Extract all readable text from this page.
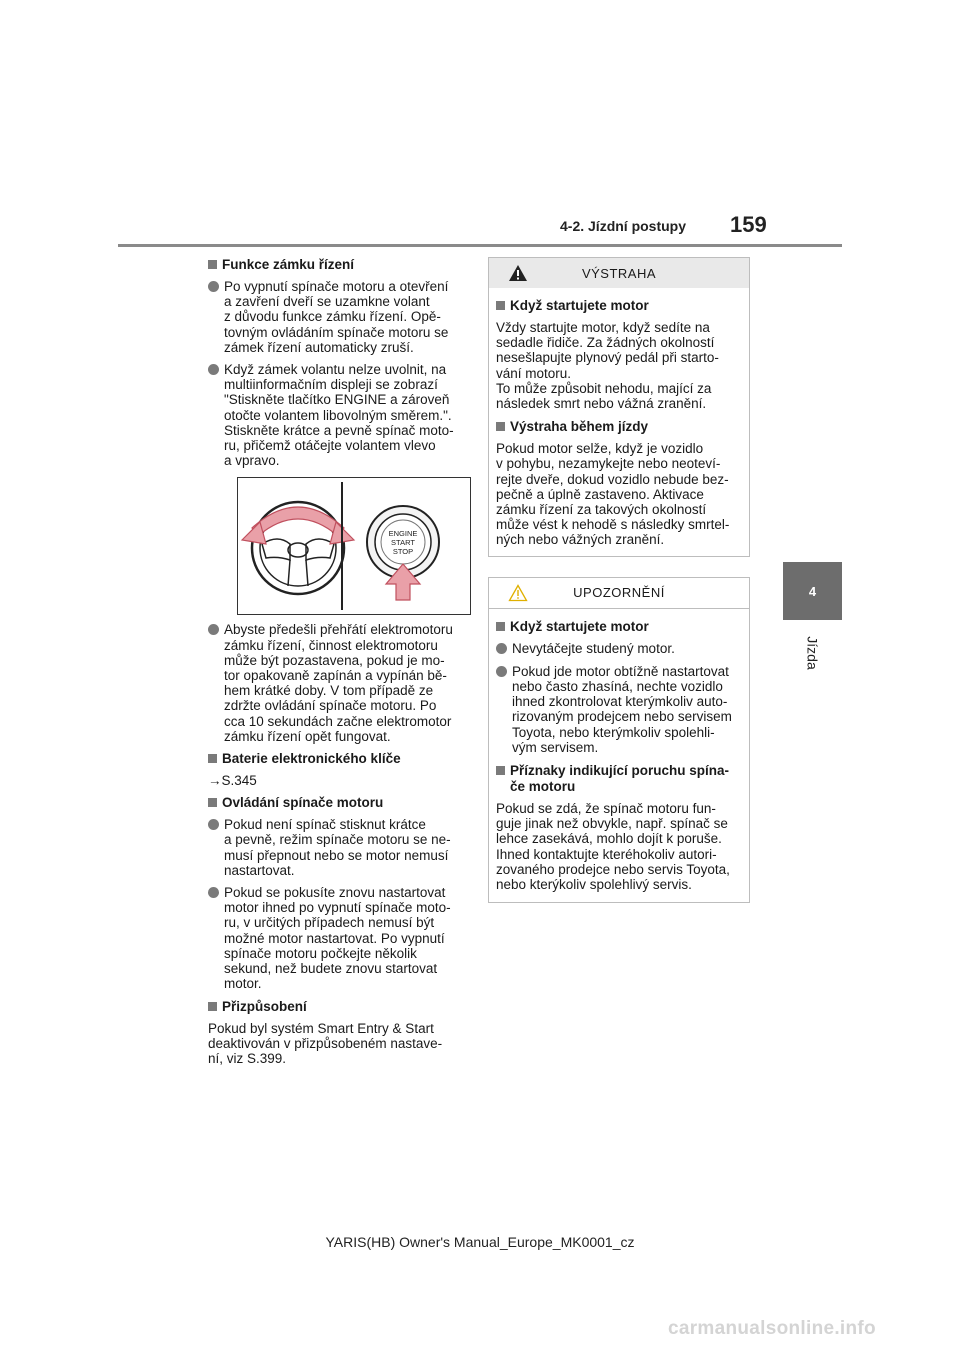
4-2. Jízdní postupy 159
4
Jízda
Funkce zámku řízení
Po vypnutí spínače motoru a otevření
a zavření dveří se uzamkne volant
z důvodu funkce zámku řízení. Opě-
tovným ovládáním spínače motoru se
zámek řízení automaticky zruší.
Když zámek volantu nelze uvolnit, na
multiinformačním displeji se zobrazí
"Stiskněte tlačítko ENGINE a zároveň
otočte volantem libovolným směrem.".
Stiskněte krátce a pevně spínač moto-
ru, přičemž otáčejte volantem vlevo
a vpravo.
ENGINE
START
STOP
Abyste předešli přehřátí elektromotoru
zámku řízení, činnost elektromotoru
může být pozastavena, pokud je mo-
tor opakovaně zapínán a vypínán bě-
hem krátké doby. V tom případě ze
zdržte ovládání spínače motoru. Po
cca 10 sekundách začne elektromotor
zámku řízení opět fungovat.
Baterie elektronického klíče
→S.345
Ovládání spínače motoru
Pokud není spínač stisknut krátce
a pevně, režim spínače motoru se ne-
musí přepnout nebo se motor nemusí
nastartovat.
Pokud se pokusíte znovu nastartovat
motor ihned po vypnutí spínače moto-
ru, v určitých případech nemusí být
možné motor nastartovat. Po vypnutí
spínače motoru počkejte několik
sekund, než budete znovu startovat
motor.
Přizpůsobení
Pokud byl systém Smart Entry & Start
deaktivován v přizpůsobeném nastave-
ní, viz S.399.
VÝSTRAHA
Když startujete motor
Vždy startujte motor, když sedíte na
sedadle řidiče. Za žádných okolností
nesešlapujte plynový pedál při starto-
vání motoru.
To může způsobit nehodu, mající za
následek smrt nebo vážná zranění.
Výstraha během jízdy
Pokud motor selže, když je vozidlo
v pohybu, nezamykejte nebo neoteví-
rejte dveře, dokud vozidlo nebude bez-
pečně a úplně zastaveno. Aktivace
zámku řízení za takových okolností
může vést k nehodě s následky smrtel-
ných nebo vážných zranění.
UPOZORNĚNÍ
Když startujete motor
Nevytáčejte studený motor.
Pokud jde motor obtížně nastartovat
nebo často zhasíná, nechte vozidlo
ihned zkontrolovat kterýmkoliv auto-
rizovaným prodejcem nebo servisem
Toyota, nebo kterýmkoliv spolehli-
vým servisem.
Příznaky indikující poruchu spína-
če motoru
Pokud se zdá, že spínač motoru fun-
guje jinak než obvykle, např. spínač se
lehce zasekává, mohlo dojít k poruše.
Ihned kontaktujte kteréhokoliv autori-
zovaného prodejce nebo servis Toyota,
nebo kterýkoliv spolehlivý servis.
YARIS(HB) Owner's Manual_Europe_MK0001_cz
carmanualsonline.info
